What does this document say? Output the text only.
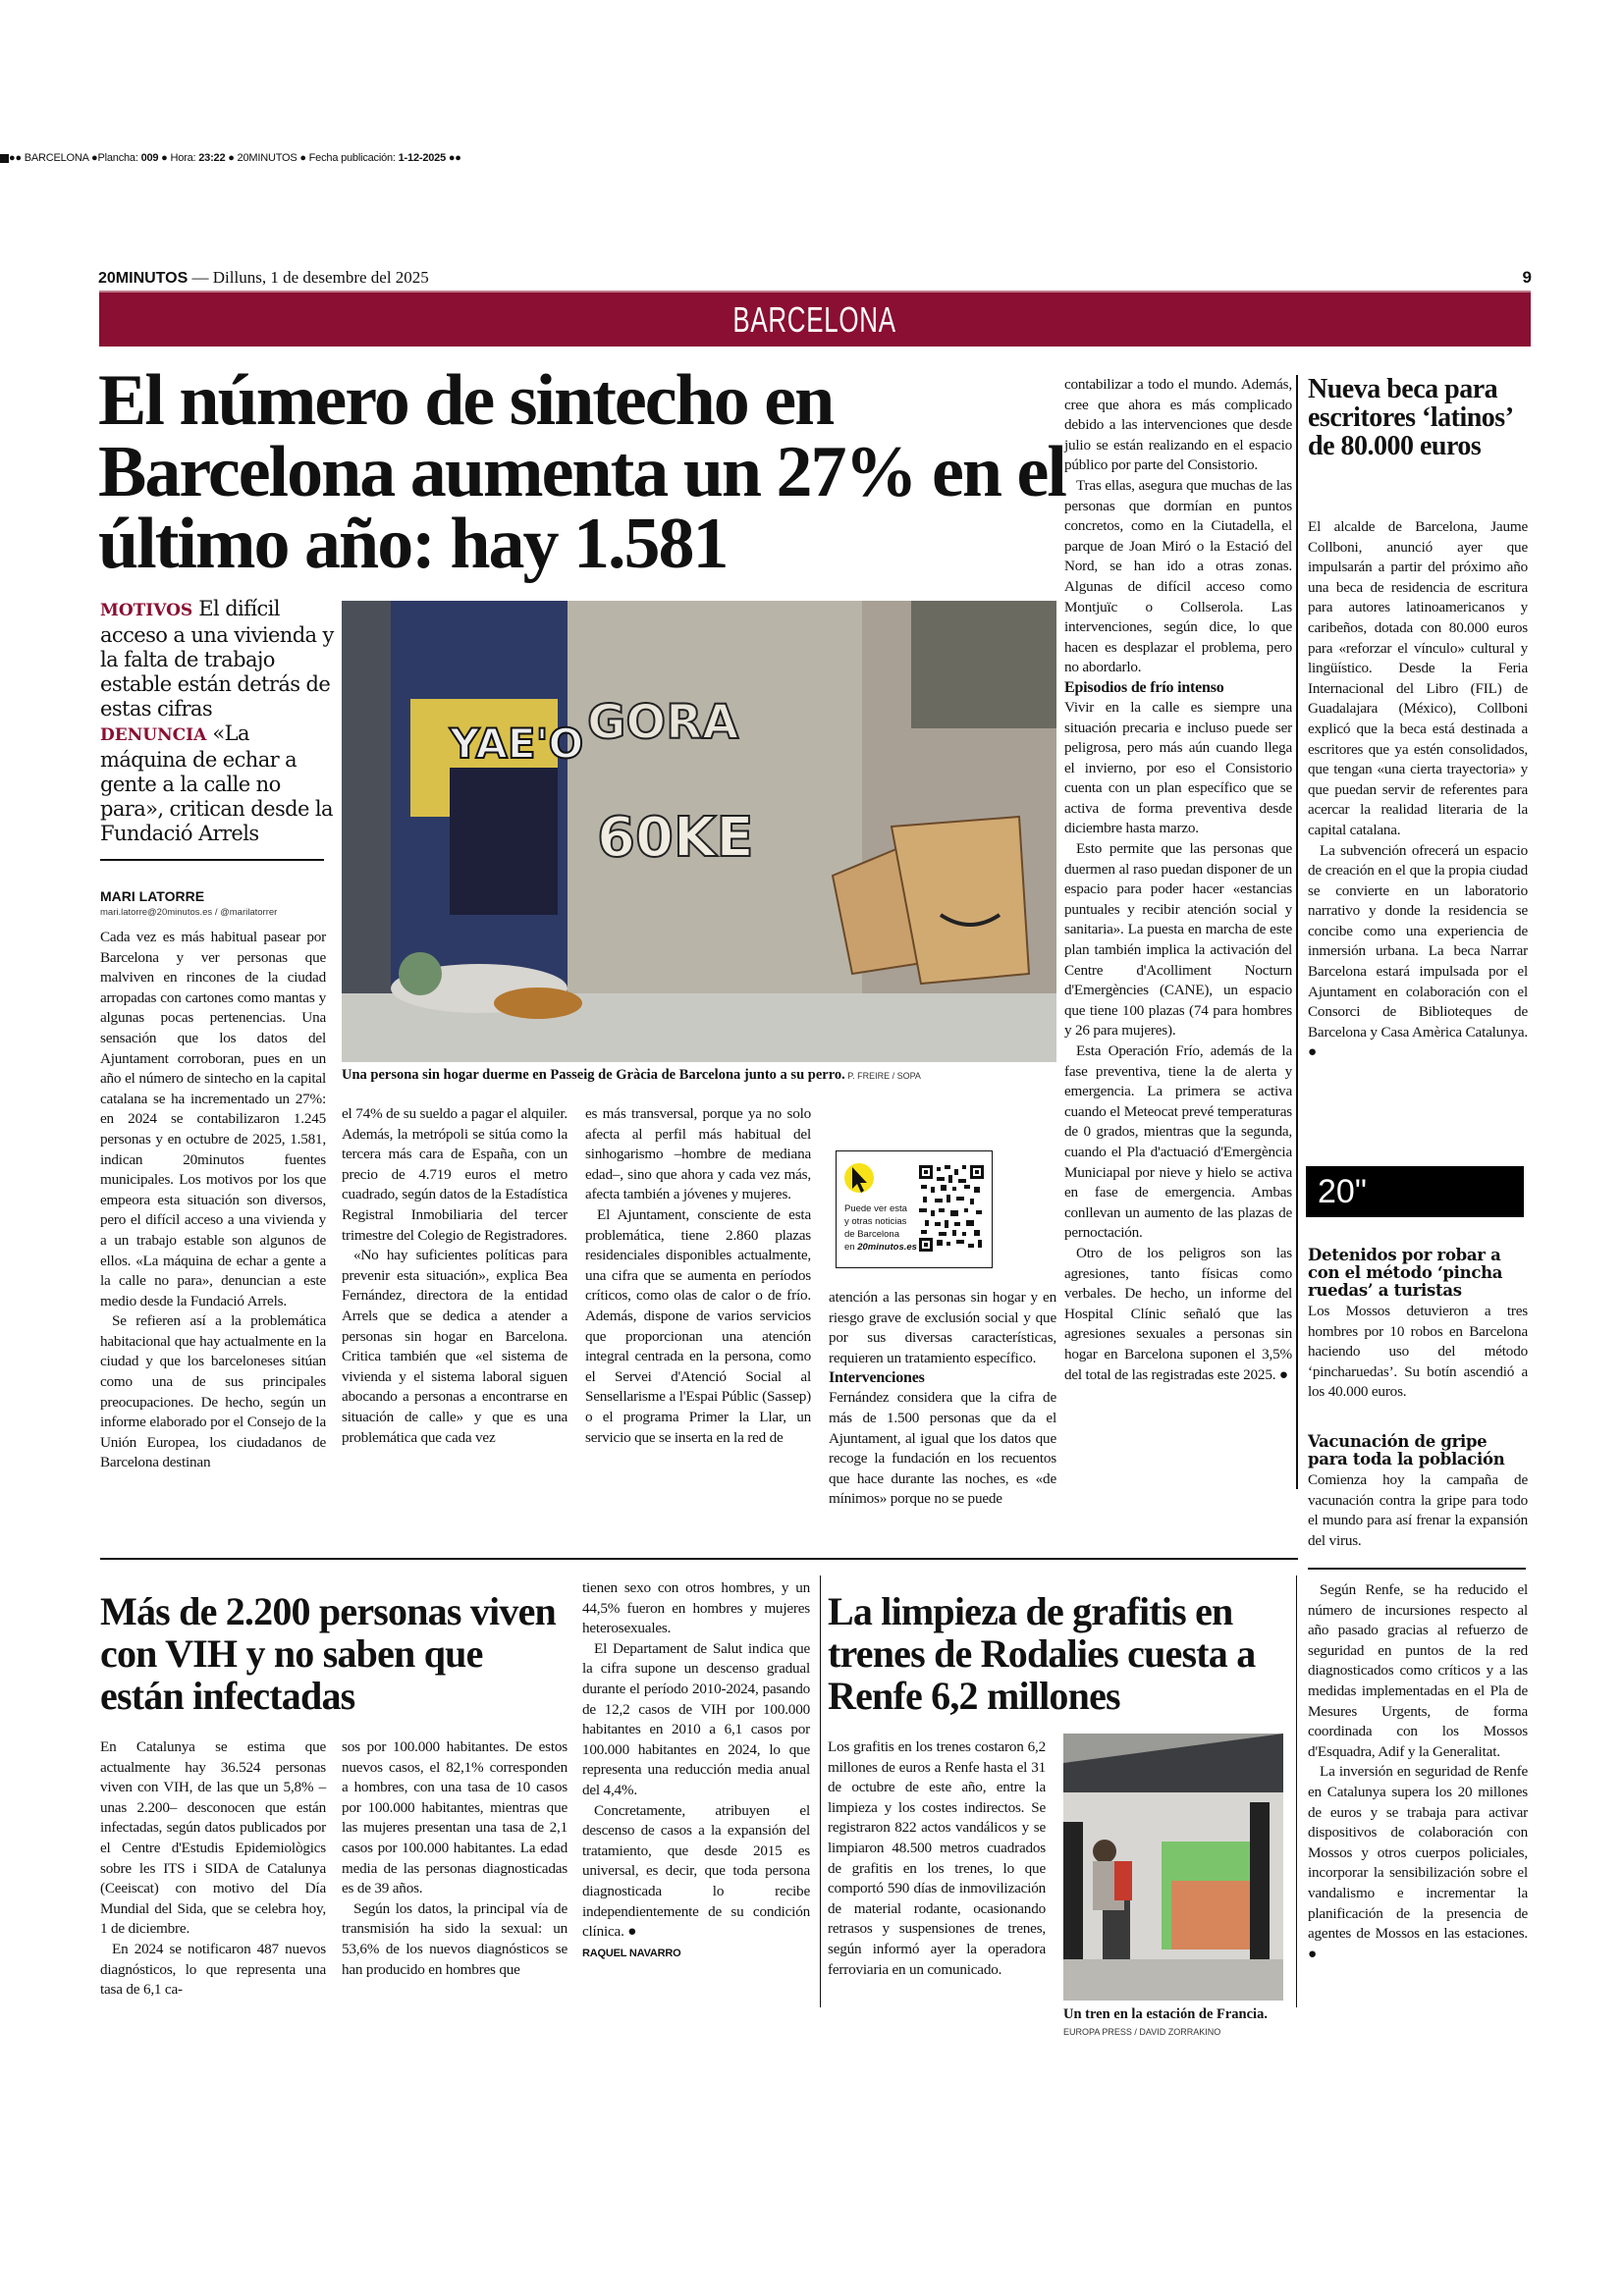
●● BARCELONA ●Plancha: 009 ● Hora: 23:22 ● 20MINUTOS ● Fecha publicación: 1-12-2025 ●●
20MINUTOS — Dilluns, 1 de desembre del 2025	9
BARCELONA
El número de sintecho en Barcelona aumenta un 27% en el último año: hay 1.581
MOTIVOS El difícil acceso a una vivienda y la falta de trabajo estable están detrás de estas cifras
DENUNCIA «La máquina de echar a gente a la calle no para», critican desde la Fundació Arrels
MARI LATORRE
mari.latorre@20minutos.es / @marilatorrer
YAE'O GORA
60KE
Una persona sin hogar duerme en Passeig de Gràcia de Barcelona junto a su perro. P. FREIRE / SOPA

Cada vez es más habitual pasear por Barcelona y ver personas que malviven en rincones de la ciudad arropadas con cartones como mantas y algunas pocas pertenencias. Una sensación que los datos del Ajuntament corroboran, pues en un año el número de sintecho en la capital catalana se ha incrementado un 27%: en 2024 se contabilizaron 1.245 personas y en octubre de 2025, 1.581, indican 20minutos fuentes municipales. Los motivos por los que empeora esta situación son diversos, pero el difícil acceso a una vivienda y a un trabajo estable son algunos de ellos. «La máquina de echar a gente a la calle no para», denuncian a este medio desde la Fundació Arrels.

Se refieren así a la problemática habitacional que hay actualmente en la ciudad y que los barceloneses sitúan como una de sus principales preocupaciones. De hecho, según un informe elaborado por el Consejo de la Unión Europea, los ciudadanos de Barcelona destinan

el 74% de su sueldo a pagar el alquiler. Además, la metrópoli se sitúa como la tercera más cara de España, con un precio de 4.719 euros el metro cuadrado, según datos de la Estadística Registral Inmobiliaria del tercer trimestre del Colegio de Registradores.

«No hay suficientes políticas para prevenir esta situación», explica Bea Fernández, directora de la entidad Arrels que se dedica a atender a personas sin hogar en Barcelona. Critica también que «el sistema de vivienda y el sistema laboral siguen abocando a personas a encontrarse en situación de calle» y que es una problemática que cada vez

es más transversal, porque ya no solo afecta al perfil más habitual del sinhogarismo –hombre de mediana edad–, sino que ahora y cada vez más, afecta también a jóvenes y mujeres.

El Ajuntament, consciente de esta problemática, tiene 2.860 plazas residenciales disponibles actualmente, una cifra que se aumenta en períodos críticos, como olas de calor o de frío. Además, dispone de varios servicios que proporcionan una atención integral centrada en la persona, como el Servei d'Atenció Social al Sensellarisme a l'Espai Públic (Sassep) o el programa Primer la Llar, un servicio que se inserta en la red de

Puede ver esta
y otras noticias
de Barcelona
en 20minutos.es

atención a las personas sin hogar y en riesgo grave de exclusión social y que por sus diversas características, requieren un tratamiento específico.

Intervenciones

Fernández considera que la cifra de más de 1.500 personas que da el Ajuntament, al igual que los datos que recoge la fundación en los recuentos que hace durante las noches, es «de mínimos» porque no se puede

contabilizar a todo el mundo. Además, cree que ahora es más complicado debido a las intervenciones que desde julio se están realizando en el espacio público por parte del Consistorio.

Tras ellas, asegura que muchas de las personas que dormían en puntos concretos, como en la Ciutadella, el parque de Joan Miró o la Estació del Nord, se han ido a otras zonas. Algunas de difícil acceso como Montjuïc o Collserola. Las intervenciones, según dice, lo que hacen es desplazar el problema, pero no abordarlo.

Episodios de frío intenso

Vivir en la calle es siempre una situación precaria e incluso puede ser peligrosa, pero más aún cuando llega el invierno, por eso el Consistorio cuenta con un plan específico que se activa de forma preventiva desde diciembre hasta marzo.

Esto permite que las personas que duermen al raso puedan disponer de un espacio para poder hacer «estancias puntuales y recibir atención social y sanitaria». La puesta en marcha de este plan también implica la activación del Centre d'Acolliment Nocturn d'Emergències (CANE), un espacio que tiene 100 plazas (74 para hombres y 26 para mujeres).

Esta Operación Frío, además de la fase preventiva, tiene la de alerta y emergencia. La primera se activa cuando el Meteocat prevé temperaturas de 0 grados, mientras que la segunda, cuando el Pla d'actuació d'Emergència Municiapal por nieve y hielo se activa en fase de emergencia. Ambas conllevan un aumento de las plazas de pernoctación.

Otro de los peligros son las agresiones, tanto físicas como verbales. De hecho, un informe del Hospital Clínic señaló que las agresiones sexuales a personas sin hogar en Barcelona suponen el 3,5% del total de las registradas este 2025. ●

Nueva beca para escritores ‘latinos’ de 80.000 euros

El alcalde de Barcelona, Jaume Collboni, anunció ayer que impulsarán a partir del próximo año una beca de residencia de escritura para autores latinoamericanos y caribeños, dotada con 80.000 euros para «reforzar el vínculo» cultural y lingüístico. Desde la Feria Internacional del Libro (FIL) de Guadalajara (México), Collboni explicó que la beca está destinada a escritores que ya estén consolidados, que tengan «una cierta trayectoria» y que puedan servir de referentes para acercar la realidad literaria de la capital catalana.

La subvención ofrecerá un espacio de creación en el que la propia ciudad se convierte en un laboratorio narrativo y donde la residencia se concibe como una experiencia de inmersión urbana. La beca Narrar Barcelona estará impulsada por el Ajuntament en colaboración con el Consorci de Biblioteques de Barcelona y Casa Amèrica Catalunya. ●

20"
Detenidos por robar a con el método ‘pincha ruedas’ a turistas

Los Mossos detuvieron a tres hombres por 10 robos en Barcelona haciendo uso del método ‘pincharuedas’. Su botín ascendió a los 40.000 euros.

Vacunación de gripe para toda la población

Comienza hoy la campaña de vacunación contra la gripe para todo el mundo para así frenar la expansión del virus.

Más de 2.200 personas viven con VIH y no saben que están infectadas

En Catalunya se estima que actualmente hay 36.524 personas viven con VIH, de las que un 5,8% –unas 2.200– desconocen que están infectadas, según datos publicados por el Centre d'Estudis Epidemiològics sobre les ITS i SIDA de Catalunya (Ceeiscat) con motivo del Día Mundial del Sida, que se celebra hoy, 1 de diciembre.

En 2024 se notificaron 487 nuevos diagnósticos, lo que representa una tasa de 6,1 ca-

sos por 100.000 habitantes. De estos nuevos casos, el 82,1% corresponden a hombres, con una tasa de 10 casos por 100.000 habitantes, mientras que las mujeres presentan una tasa de 2,1 casos por 100.000 habitantes. La edad media de las personas diagnosticadas es de 39 años.

Según los datos, la principal vía de transmisión ha sido la sexual: un 53,6% de los nuevos diagnósticos se han producido en hombres que

tienen sexo con otros hombres, y un 44,5% fueron en hombres y mujeres heterosexuales.

El Departament de Salut indica que la cifra supone un descenso gradual durante el período 2010-2024, pasando de 12,2 casos de VIH por 100.000 habitantes en 2010 a 6,1 casos por 100.000 habitantes en 2024, lo que representa una reducción media anual del 4,4%.

Concretamente, atribuyen el descenso de casos a la expansión del tratamiento, que desde 2015 es universal, es decir, que toda persona diagnosticada lo recibe independientemente de su condición clínica. ●

RAQUEL NAVARRO
La limpieza de grafitis en trenes de Rodalies cuesta a Renfe 6,2 millones

Los grafitis en los trenes costaron 6,2 millones de euros a Renfe hasta el 31 de octubre de este año, entre la limpieza y los costes indirectos. Se registraron 822 actos vandálicos y se limpiaron 48.500 metros cuadrados de grafitis en los trenes, lo que comportó 590 días de inmovilización de material rodante, ocasionando retrasos y suspensiones de trenes, según informó ayer la operadora ferroviaria en un comunicado.

Un tren en la estación de Francia. EUROPA PRESS / DAVID ZORRAKINO

Según Renfe, se ha reducido el número de incursiones respecto al año pasado gracias al refuerzo de seguridad en puntos de la red diagnosticados como críticos y a las medidas implementadas en el Pla de Mesures Urgents, de forma coordinada con los Mossos d'Esquadra, Adif y la Generalitat.

La inversión en seguridad de Renfe en Catalunya supera los 20 millones de euros y se trabaja para activar dispositivos de colaboración con Mossos y otros cuerpos policiales, incorporar la sensibilización sobre el vandalismo e incrementar la planificación de la presencia de agentes de Mossos en las estaciones. ●
